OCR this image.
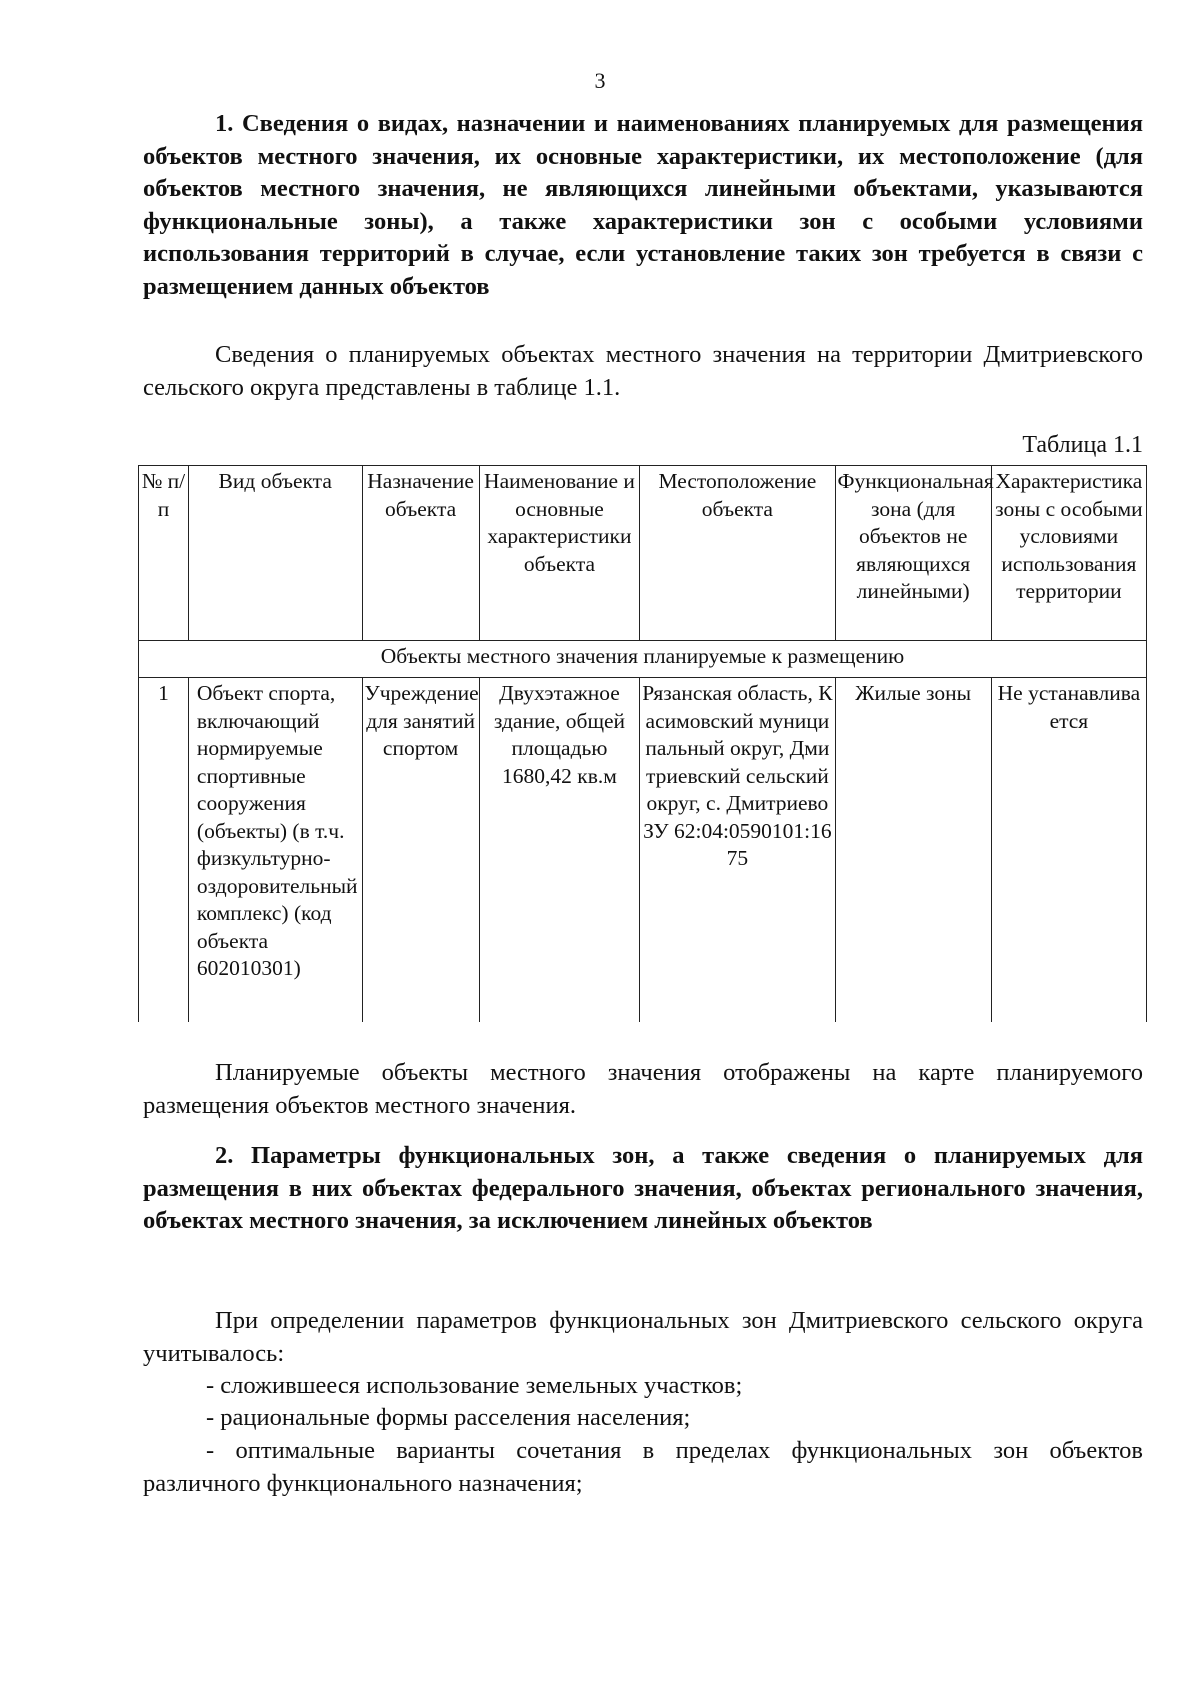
3
1. Сведения о видах, назначении и наименованиях планируемых для размещения объектов местного значения, их основные характеристики, их местоположение (для объектов местного значения, не являющихся линейными объектами, указываются функциональные зоны), а также характеристики зон с особыми условиями использования территорий в случае, если установление таких зон требуется в связи с размещением данных объектов
Сведения о планируемых объектах местного значения на территории Дмитриевского сельского округа представлены в таблице 1.1.
Таблица 1.1
№ п/п	Вид объекта	Назначение объекта	Наименование и основные характеристики объекта	Местоположение объекта	Функциональная зона (для объектов не являющихся линейными)	Характеристика зоны с особыми условиями использования территории
Объекты местного значения планируемые к размещению						
1	Объект спорта, включающий нормируемые спортивные сооружения (объекты) (в т.ч. физкультурно-оздоровительный комплекс) (код объекта 602010301)	Учреждение для занятий спортом	Двухэтажное здание, общей площадью 1680,42 кв.м	Рязанская область, Касимовский муниципальный округ, Дмитриевский сельский округ, с. Дмитриево ЗУ 62:04:0590101:1675	Жилые зоны	Не устанавливается
Планируемые объекты местного значения отображены на карте планируемого размещения объектов местного значения.
2. Параметры функциональных зон, а также сведения о планируемых для размещения в них объектах федерального значения, объектах регионального значения, объектах местного значения, за исключением линейных объектов
При определении параметров функциональных зон Дмитриевского сельского округа учитывалось:
- сложившееся использование земельных участков;
- рациональные формы расселения населения;
- оптимальные варианты сочетания в пределах функциональных зон объектов различного функционального назначения;
